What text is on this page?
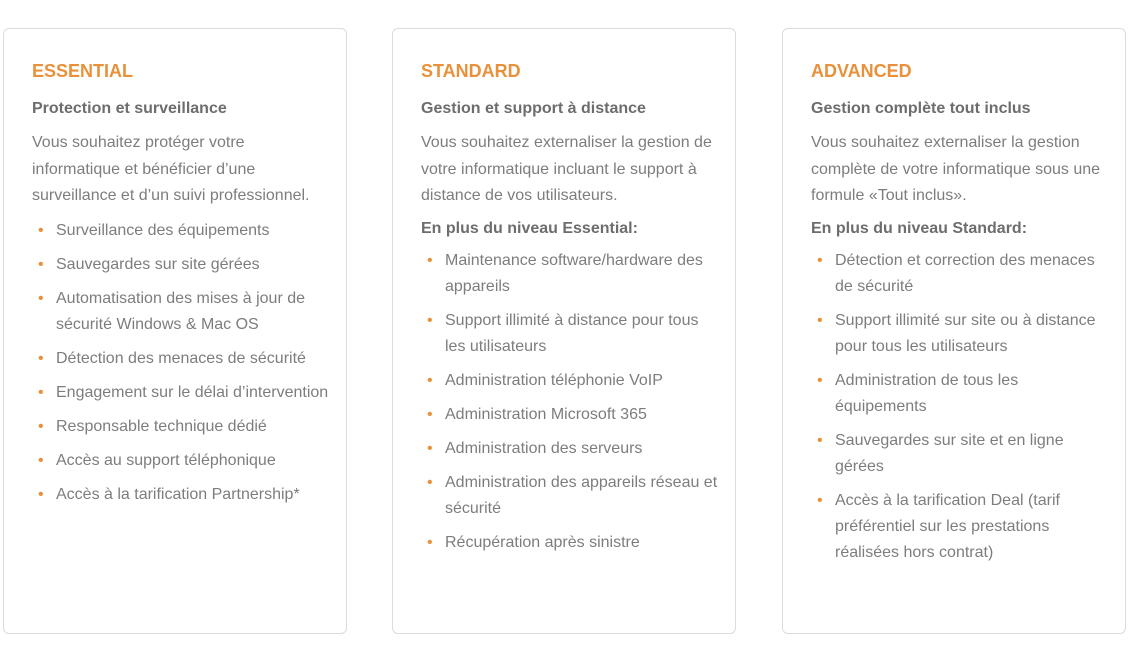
ESSENTIAL

Protection et surveillance

Vous souhaitez protéger votre informatique et bénéficier d’une surveillance et d’un suivi professionnel.

• Surveillance des équipements
• Sauvegardes sur site gérées
• Automatisation des mises à jour de sécurité Windows & Mac OS
• Détection des menaces de sécurité
• Engagement sur le délai d’intervention
• Responsable technique dédié
• Accès au support téléphonique
• Accès à la tarification Partnership*
STANDARD

Gestion et support à distance

Vous souhaitez externaliser la gestion de votre informatique incluant le support à distance de vos utilisateurs.

En plus du niveau Essential:

• Maintenance software/hardware des appareils
• Support illimité à distance pour tous les utilisateurs
• Administration téléphonie VoIP
• Administration Microsoft 365
• Administration des serveurs
• Administration des appareils réseau et sécurité
• Récupération après sinistre
ADVANCED

Gestion complète tout inclus

Vous souhaitez externaliser la gestion complète de votre informatique sous une formule «Tout inclus».

En plus du niveau Standard:

• Détection et correction des menaces de sécurité
• Support illimité sur site ou à distance pour tous les utilisateurs
• Administration de tous les équipements
• Sauvegardes sur site et en ligne gérées
• Accès à la tarification Deal (tarif préférentiel sur les prestations réalisées hors contrat)
